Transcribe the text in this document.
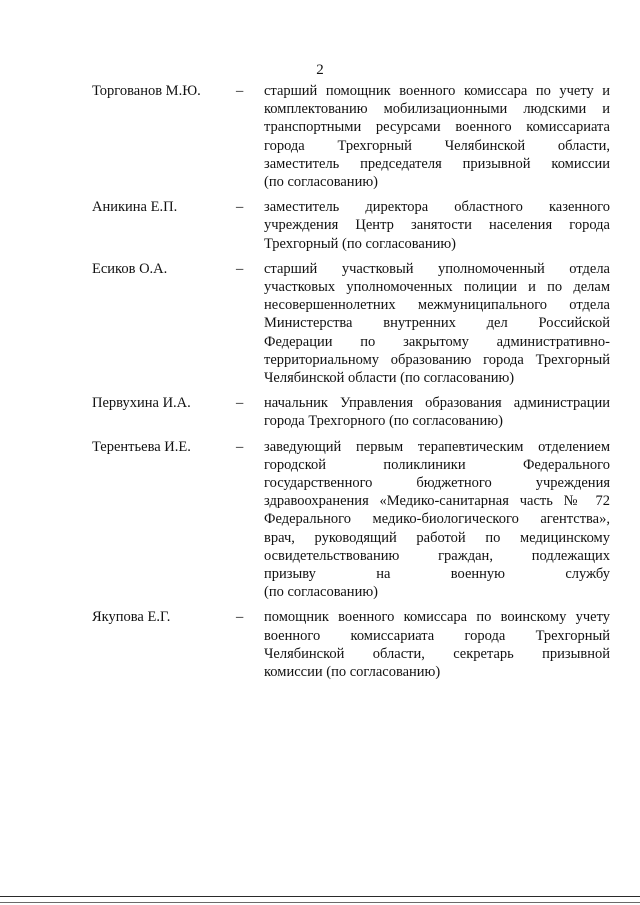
2
Торгованов М.Ю.	–	старший помощник военного комиссара по учету и
комплектованию мобилизационными людскими и
транспортными ресурсами военного комиссариата
города Трехгорный Челябинской области,
заместитель председателя призывной комиссии
(по согласованию)
Аникина Е.П.	–	заместитель директора областного казенного
учреждения Центр занятости населения города
Трехгорный (по согласованию)
Есиков О.А.	–	старший участковый уполномоченный отдела
участковых уполномоченных полиции и по делам
несовершеннолетних межмуниципального отдела
Министерства внутренних дел Российской
Федерации по закрытому административно-
территориальному образованию города Трехгорный
Челябинской области (по согласованию)
Первухина И.А.	–	начальник Управления образования администрации
города Трехгорного (по согласованию)
Терентьева И.Е.	–	заведующий первым терапевтическим отделением
городской поликлиники Федерального
государственного бюджетного учреждения
здравоохранения «Медико-санитарная часть № 72
Федерального медико-биологического агентства»,
врач, руководящий работой по медицинскому
освидетельствованию граждан, подлежащих
призыву на военную службу
(по согласованию)
Якупова Е.Г.	–	помощник военного комиссара по воинскому учету
военного комиссариата города Трехгорный
Челябинской области, секретарь призывной
комиссии (по согласованию)
